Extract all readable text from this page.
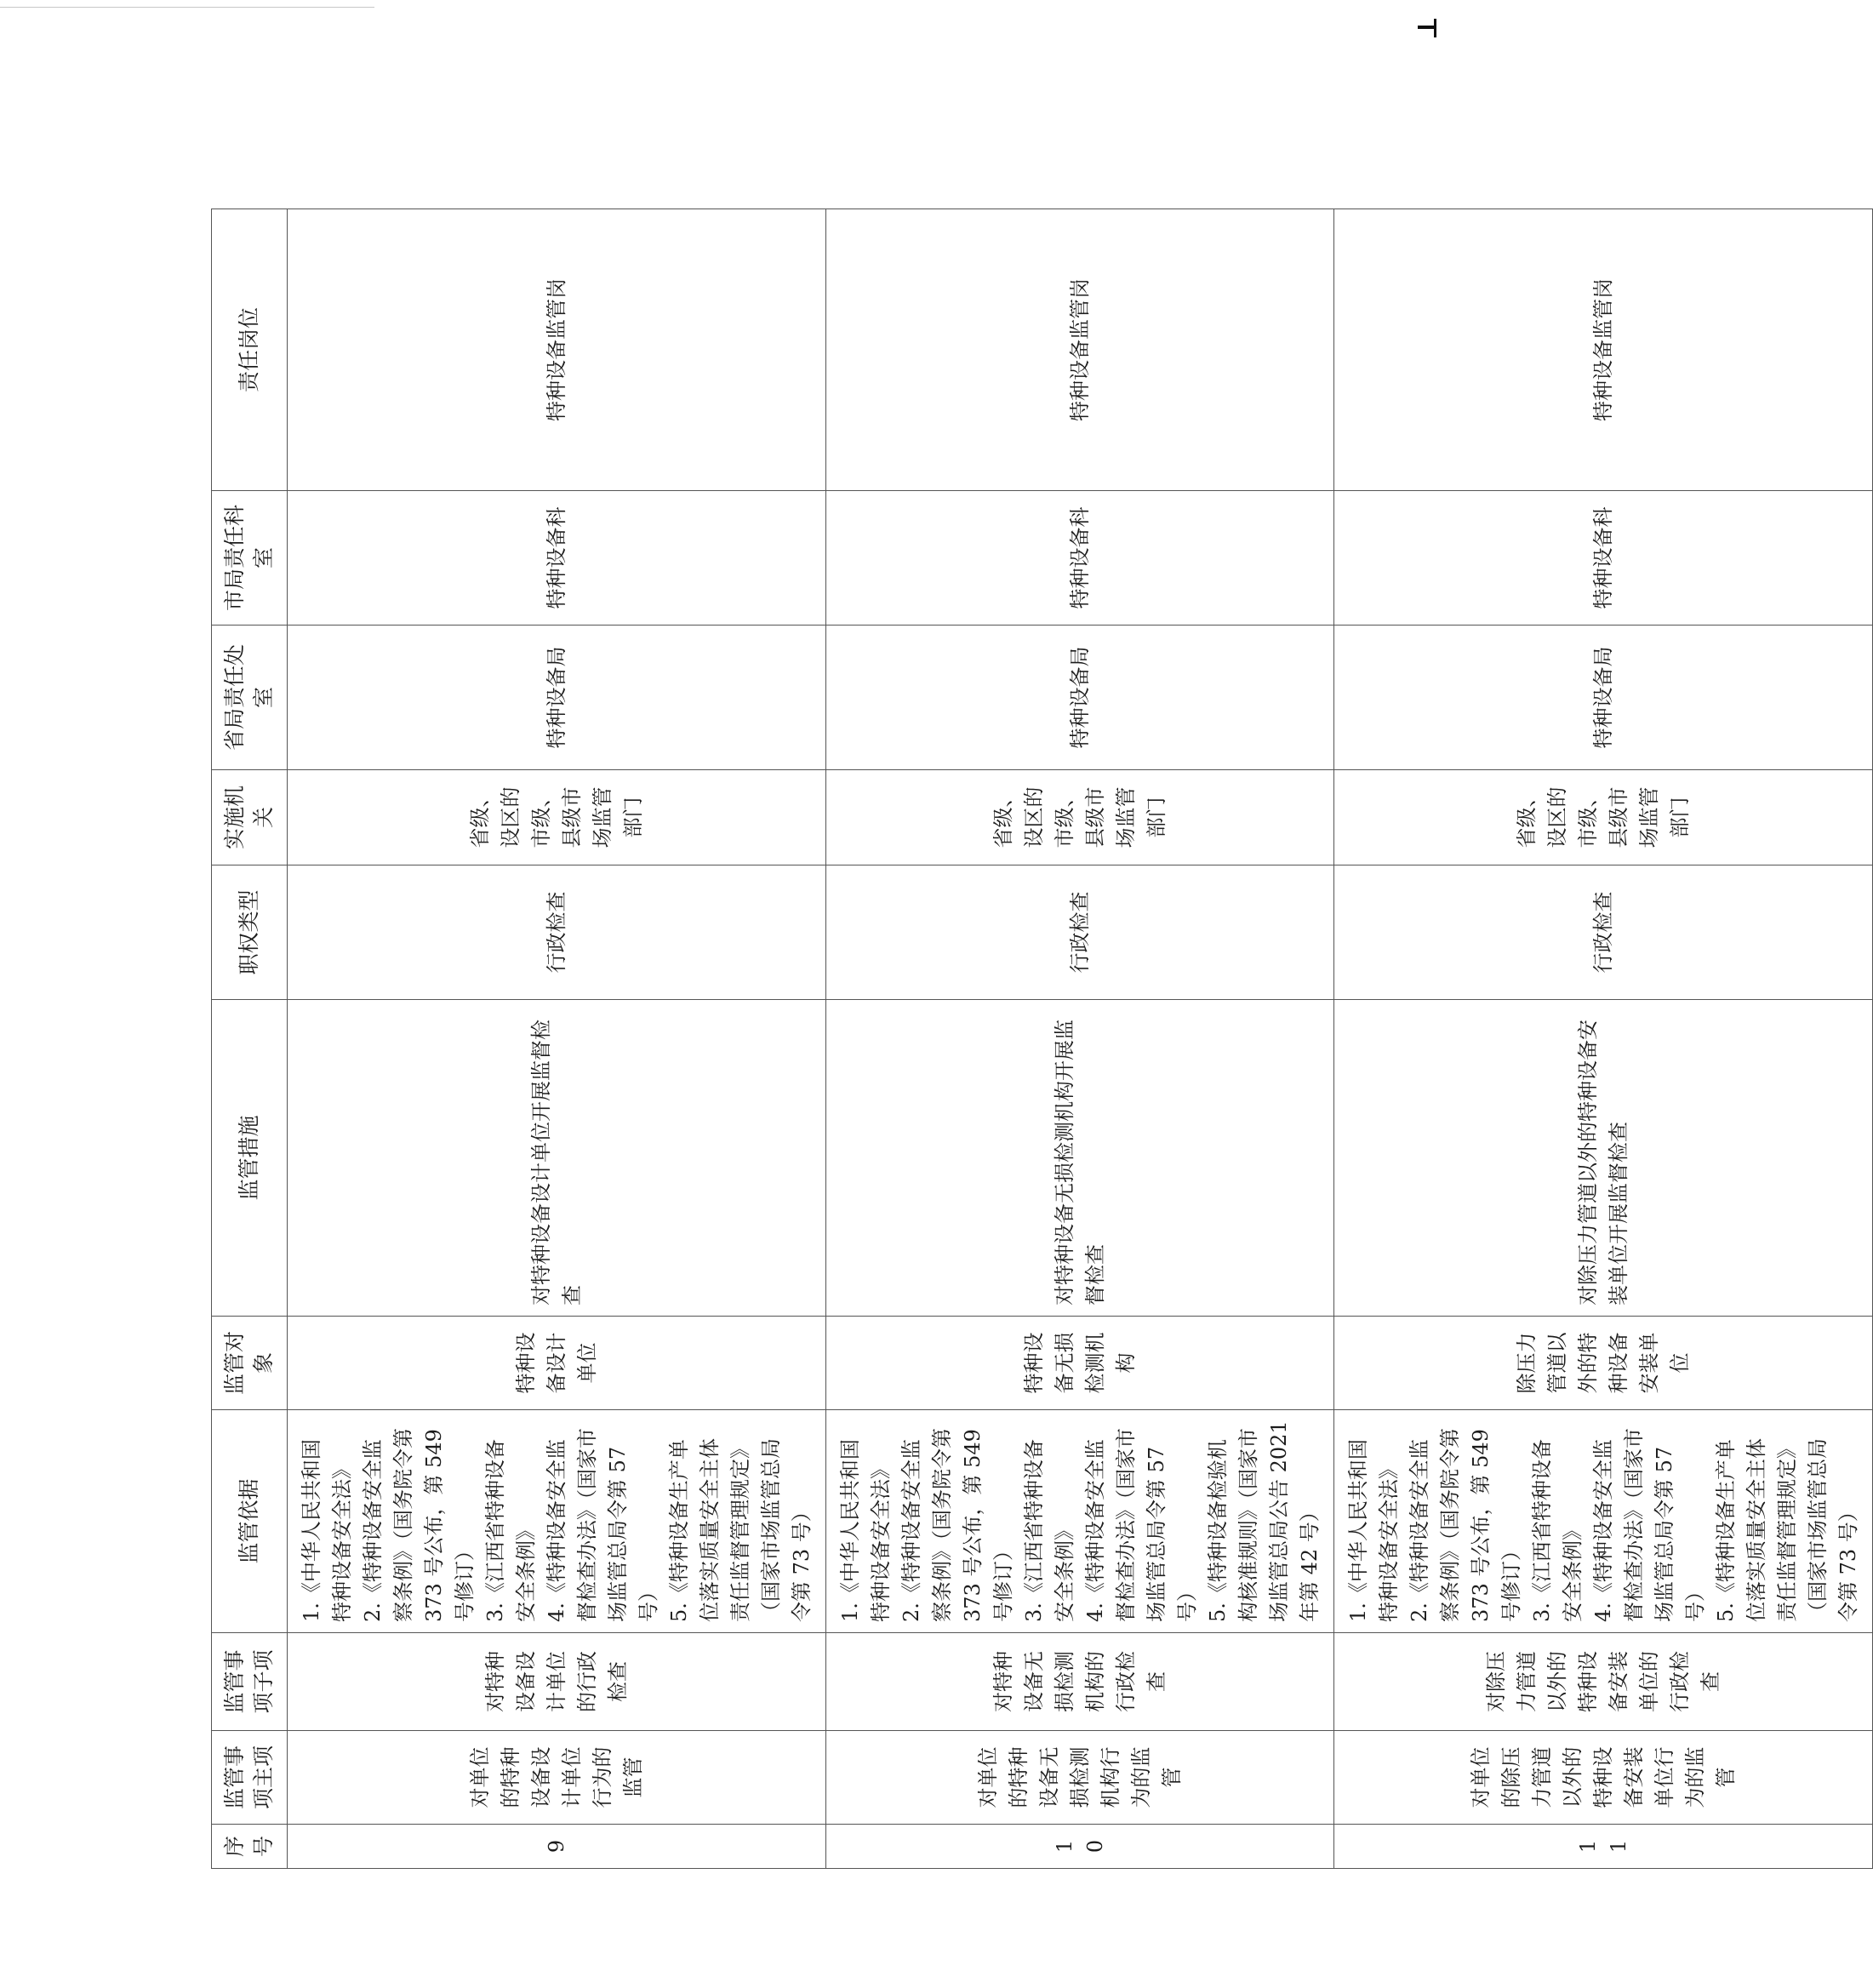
序号	监管事项主项	监管事项子项	监管依据	监管对象	监管措施	职权类型	实施机关	省局责任处室	市局责任科室	责任岗位
9	对单位的特种设备设计单位行为的监管	对特种设备设计单位的行政检查	1.《中华人民共和国特种设备安全法》 2.《特种设备安全监察条例》（国务院令第 373 号公布，第 549 号修订） 3.《江西省特种设备安全条例》 4.《特种设备安全监督检查办法》（国家市场监管总局令第 57 号） 5.《特种设备生产单位落实质量安全主体责任监督管理规定》（国家市场监管总局令第 73 号）	特种设备设计单位	对特种设备设计单位开展监督检查	行政检查	省级、设区的市级、县级市场监管部门	特种设备局	特种设备科	特种设备监管岗
10	对单位的特种设备无损检测机构行为的监管	对特种设备无损检测机构的行政检查	1.《中华人民共和国特种设备安全法》 2.《特种设备安全监察条例》（国务院令第 373 号公布，第 549 号修订） 3.《江西省特种设备安全条例》 4.《特种设备安全监督检查办法》（国家市场监管总局令第 57 号） 5.《特种设备检验机构核准规则》（国家市场监管总局公告 2021 年第 42 号）	特种设备无损检测机构	对特种设备无损检测机构开展监督检查	行政检查	省级、设区的市级、县级市场监管部门	特种设备局	特种设备科	特种设备监管岗
11	对单位的除压力管道以外的特种设备安装单位行为的监管	对除压力管道以外的特种设备安装单位的行政检查	1.《中华人民共和国特种设备安全法》 2.《特种设备安全监察条例》（国务院令第 373 号公布，第 549 号修订） 3.《江西省特种设备安全条例》 4.《特种设备安全监督检查办法》（国家市场监管总局令第 57 号） 5.《特种设备生产单位落实质量安全主体责任监督管理规定》（国家市场监管总局令第 73 号）	除压力管道以外的特种设备安装单位	对除压力管道以外的特种设备安装单位开展监督检查	行政检查	省级、设区的市级、县级市场监管部门	特种设备局	特种设备科	特种设备监管岗
